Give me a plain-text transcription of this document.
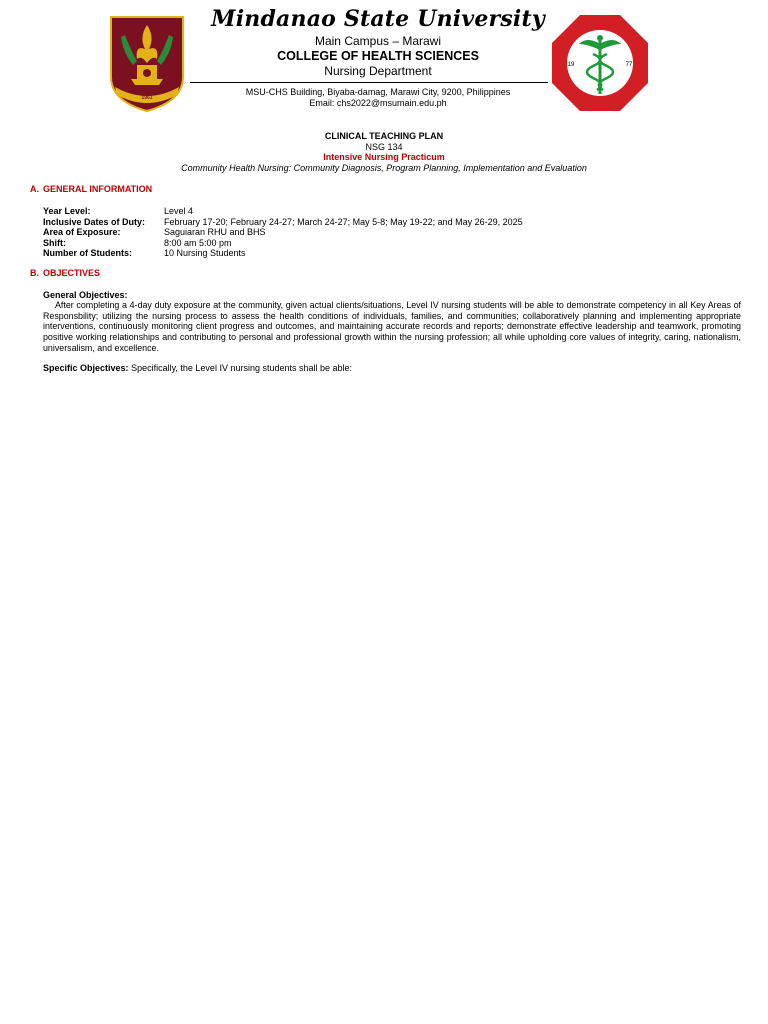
1961
Mindanao State University
Main Campus – Marawi
COLLEGE OF HEALTH SCIENCES
Nursing Department
MSU-CHS Building, Biyaba-damag, Marawi City, 9200, Philippines
Email: chs2022@msumain.edu.ph
19	77
CLINICAL TEACHING PLAN
NSG 134
Intensive Nursing Practicum
Community Health Nursing: Community Diagnosis, Program Planning, Implementation and Evaluation
A. GENERAL INFORMATION
Year Level:	Level 4
Inclusive Dates of Duty: February 17-20; February 24-27; March 24-27; May 5-8; May 19-22; and May 26-29, 2025
Area of Exposure:	Saguiaran RHU and BHS
Shift:	8:00 am 5:00 pm
Number of Students:	10 Nursing Students
B. OBJECTIVES
General Objectives:
After completing a 4-day duty exposure at the community, given actual clients/situations, Level IV nursing students will be able to demonstrate competency in all Key Areas of Responsbility; utilizing the nursing process to assess the health conditions of individuals, families, and communities; collaboratively planning and implementing appropriate interventions, continuously monitoring client progress and outcomes, and maintaining accurate records and reports; demonstrate effective leadership and teamwork, promoting positive working relationships and contributing to personal and professional growth within the nursing profession; all while upholding core values of integrity, caring, nationalism, universalism, and excellence.
Specific Objectives: Specifically, the Level IV nursing students shall be able:
